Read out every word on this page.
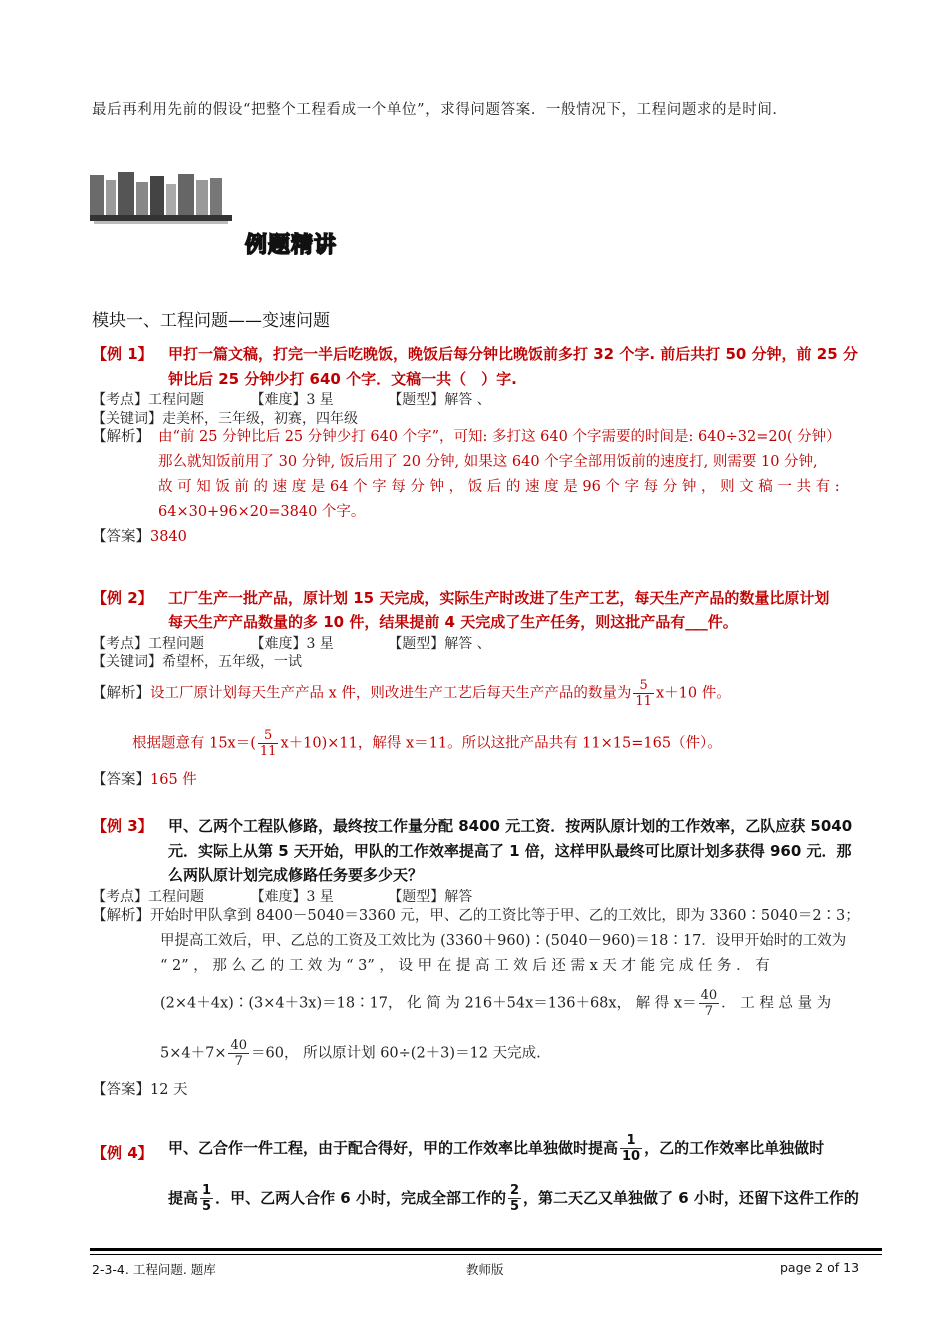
最后再利用先前的假设“把整个工程看成一个单位”，求得问题答案．一般情况下，工程问题求的是时间．
例题精讲
模块一、工程问题——变速问题
【例 1】 甲打一篇文稿，打完一半后吃晚饭，晚饭后每分钟比晚饭前多打 32 个字. 前后共打 50 分钟，前 25 分
钟比后 25 分钟少打 640 个字．文稿一共（　）字.
【考点】工程问题	【难度】3 星	【题型】解答 、
【关键词】走美杯，三年级，初赛，四年级
【解析】 由“前 25 分钟比后 25 分钟少打 640 个字”，可知: 多打这 640 个字需要的时间是: 640÷32=20( 分钟）
那么就知饭前用了 30 分钟, 饭后用了 20 分钟, 如果这 640 个字全部用饭前的速度打, 则需要 10 分钟,
故 可 知 饭 前 的 速 度 是 64 个 字 每 分 钟 ， 饭 后 的 速 度 是 96 个 字 每 分 钟 ， 则 文 稿 一 共 有 :
64×30+96×20=3840 个字。
【答案】3840
【例 2】 工厂生产一批产品，原计划 15 天完成，实际生产时改进了生产工艺，每天生产产品的数量比原计划
每天生产产品数量的多 10 件，结果提前 4 天完成了生产任务，则这批产品有___件。
【考点】工程问题	【难度】3 星	【题型】解答 、
【关键词】希望杯，五年级，一试
【解析】设工厂原计划每天生产产品 x 件，则改进生产工艺后每天生产产品的数量为 $\frac{5}{11} x+10$ 件。
根据题意有 $15x=( \frac{5}{11} x+10)\times 11$，解得 x＝11。所以这批产品共有 11×15=165（件）。
【答案】165 件
【例 3】 甲、乙两个工程队修路，最终按工作量分配 8400 元工资．按两队原计划的工作效率，乙队应获 5040
元．实际上从第 5 天开始，甲队的工作效率提高了 1 倍，这样甲队最终可比原计划多获得 960 元．那
么两队原计划完成修路任务要多少天？
【考点】工程问题	【难度】3 星	【题型】解答
【解析】开始时甲队拿到 8400－5040＝3360 元，甲、乙的工资比等于甲、乙的工效比，即为 3360∶5040＝2∶3；
甲提高工效后，甲、乙总的工资及工效比为 (3360＋960)∶(5040－960)＝18∶17．设甲开始时的工效为
“ 2” ， 那 么 乙 的 工 效 为 “ 3” ， 设 甲 在 提 高 工 效 后 还 需 x 天 才 能 完 成 任 务 ． 有
(2×4＋4x)∶(3×4＋3x)＝18∶17， 化 简 为 216＋54x＝136＋68x， 解 得 $x= \frac{40}{7}$ ． 工 程 总 量 为
$5\times 4+7\times \frac{40}{7} =60$， 所以原计划 60÷(2＋3)＝12 天完成.
【答案】12 天
【例 4】 甲、乙合作一件工程，由于配合得好，甲的工作效率比单独做时提高 $\frac{1}{10}$ ，乙的工作效率比单独做时
提高 $\frac{1}{5}$ ．甲、乙两人合作 6 小时，完成全部工作的 $\frac{2}{5}$ ，第二天乙又单独做了 6 小时，还留下这件工作的
2-3-4. 工程问题. 题库	教师版	page 2 of 13
